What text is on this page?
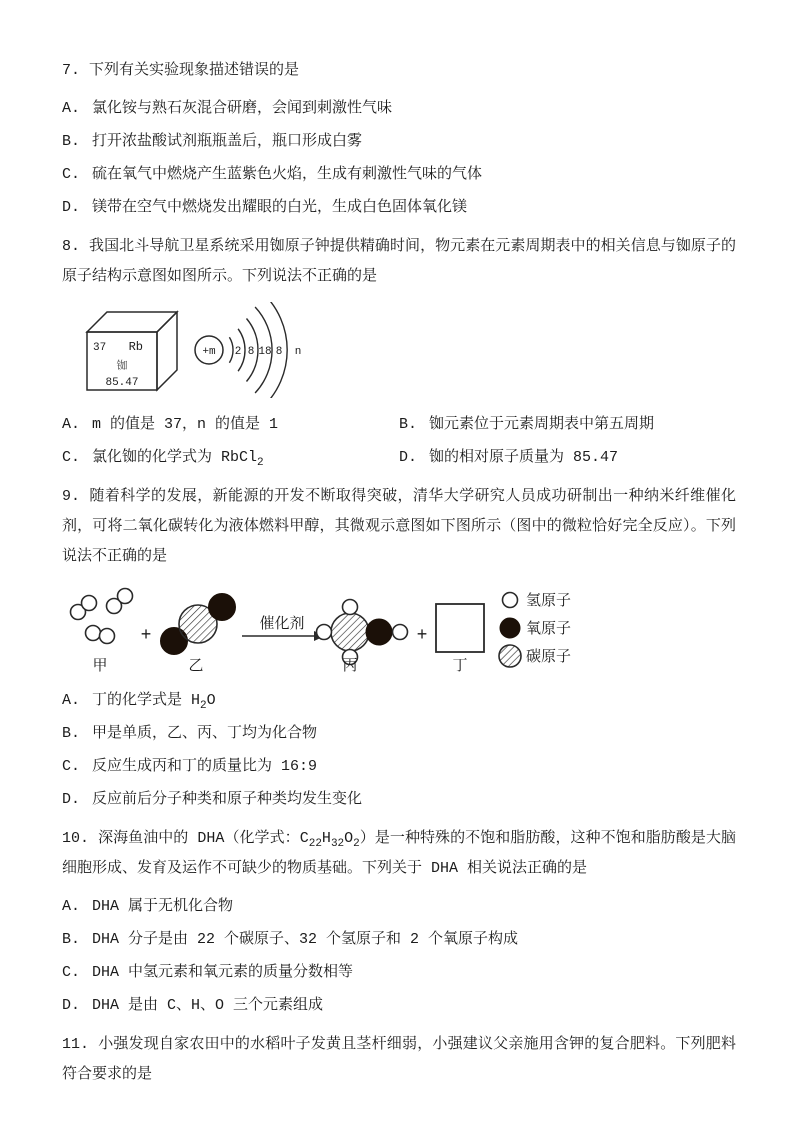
7. 下列有关实验现象描述错误的是

A. 氯化铵与熟石灰混合研磨，会闻到刺激性气味
B. 打开浓盐酸试剂瓶瓶盖后，瓶口形成白雾
C. 硫在氧气中燃烧产生蓝紫色火焰，生成有刺激性气味的气体
D. 镁带在空气中燃烧发出耀眼的白光，生成白色固体氧化镁

8. 我国北斗导航卫星系统采用铷原子钟提供精确时间，物元素在元素周期表中的相关信息与铷原子的原子结构示意图如图所示。下列说法不正确的是

37 Rb
铷
85.47
+m 2 8 18 8 n
A. m 的值是 37，n 的值是 1	B. 铷元素位于元素周期表中第五周期
C. 氯化铷的化学式为 RbCl$_2$	D. 铷的相对原子质量为 85.47

9. 随着科学的发展，新能源的开发不断取得突破，清华大学研究人员成功研制出一种纳米纤维催化剂，可将二氧化碳转化为液体燃料甲醇，其微观示意图如下图所示（图中的微粒恰好完全反应）。下列说法不正确的是

甲
+
乙
催化剂
丙
+
丁
氢原子
氧原子
碳原子
A. 丁的化学式是 $H_2O$
B. 甲是单质，乙、丙、丁均为化合物
C. 反应生成丙和丁的质量比为 16:9
D. 反应前后分子种类和原子种类均发生变化

10. 深海鱼油中的 DHA（化学式：$C_{22}H_{32}O_2$）是一种特殊的不饱和脂肪酸，这种不饱和脂肪酸是大脑细胞形成、发育及运作不可缺少的物质基础。下列关于 DHA 相关说法正确的是

A. DHA 属于无机化合物
B. DHA 分子是由 22 个碳原子、32 个氢原子和 2 个氧原子构成
C. DHA 中氢元素和氧元素的质量分数相等
D. DHA 是由 C、H、O 三个元素组成

11. 小强发现自家农田中的水稻叶子发黄且茎杆细弱，小强建议父亲施用含钾的复合肥料。下列肥料符合要求的是
